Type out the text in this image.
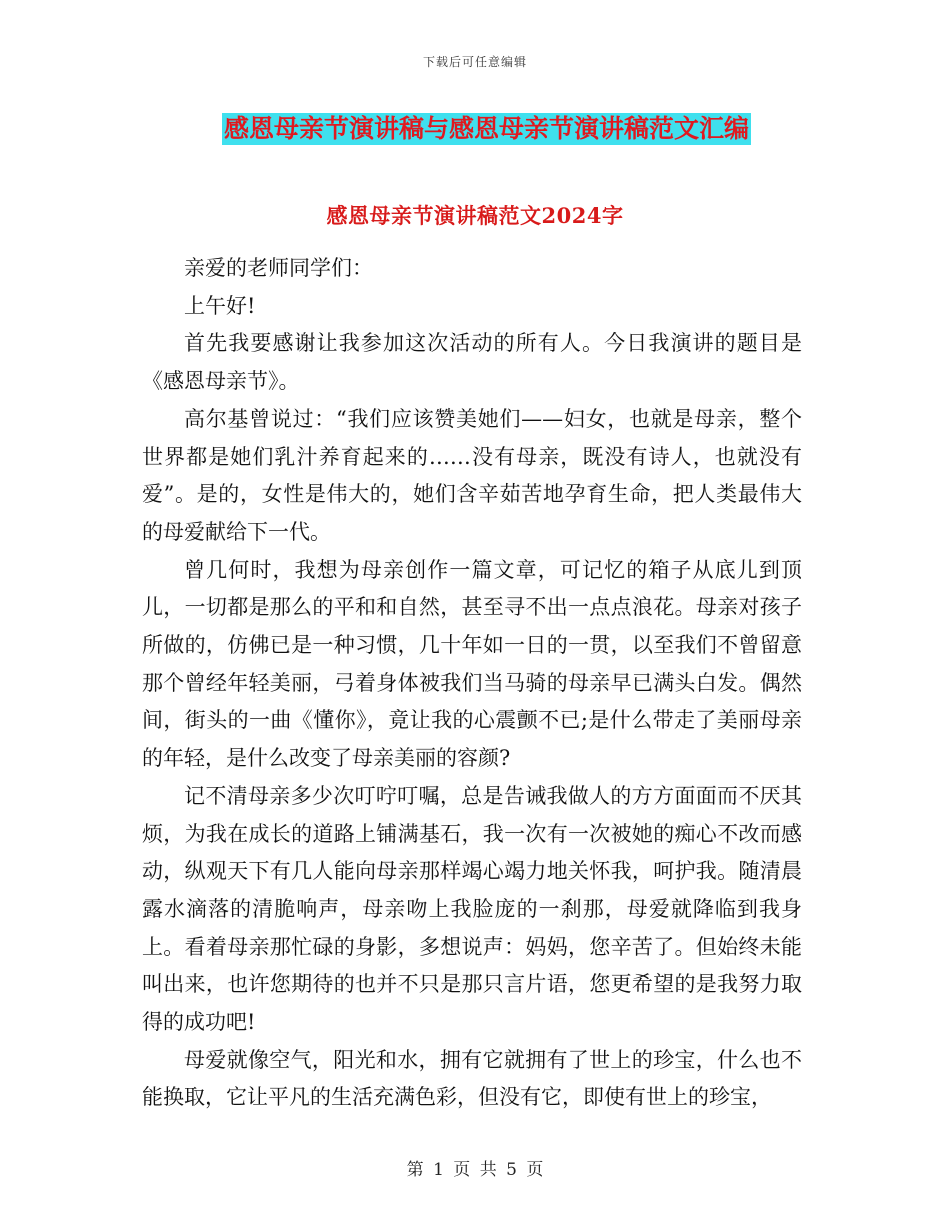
下载后可任意编辑
感恩母亲节演讲稿与感恩母亲节演讲稿范文汇编
感恩母亲节演讲稿范文2024字

亲爱的老师同学们：

上午好!

首先我要感谢让我参加这次活动的所有人。今日我演讲的题目是《感恩母亲节》。

高尔基曾说过：“我们应该赞美她们——妇女，也就是母亲，整个世界都是她们乳汁养育起来的……没有母亲，既没有诗人，也就没有爱”。是的，女性是伟大的，她们含辛茹苦地孕育生命，把人类最伟大的母爱献给下一代。

曾几何时，我想为母亲创作一篇文章，可记忆的箱子从底儿到顶儿，一切都是那么的平和和自然，甚至寻不出一点点浪花。母亲对孩子所做的，仿佛已是一种习惯，几十年如一日的一贯，以至我们不曾留意那个曾经年轻美丽，弓着身体被我们当马骑的母亲早已满头白发。偶然间，街头的一曲《懂你》，竟让我的心震颤不已;是什么带走了美丽母亲的年轻，是什么改变了母亲美丽的容颜?

记不清母亲多少次叮咛叮嘱，总是告诫我做人的方方面面而不厌其烦，为我在成长的道路上铺满基石，我一次有一次被她的痴心不改而感动，纵观天下有几人能向母亲那样竭心竭力地关怀我，呵护我。随清晨露水滴落的清脆响声，母亲吻上我脸庞的一刹那，母爱就降临到我身上。看着母亲那忙碌的身影，多想说声：妈妈，您辛苦了。但始终未能叫出来，也许您期待的也并不只是那只言片语，您更希望的是我努力取得的成功吧!

母爱就像空气，阳光和水，拥有它就拥有了世上的珍宝，什么也不能换取，它让平凡的生活充满色彩，但没有它，即使有世上的珍宝，

第 1 页 共 5 页
